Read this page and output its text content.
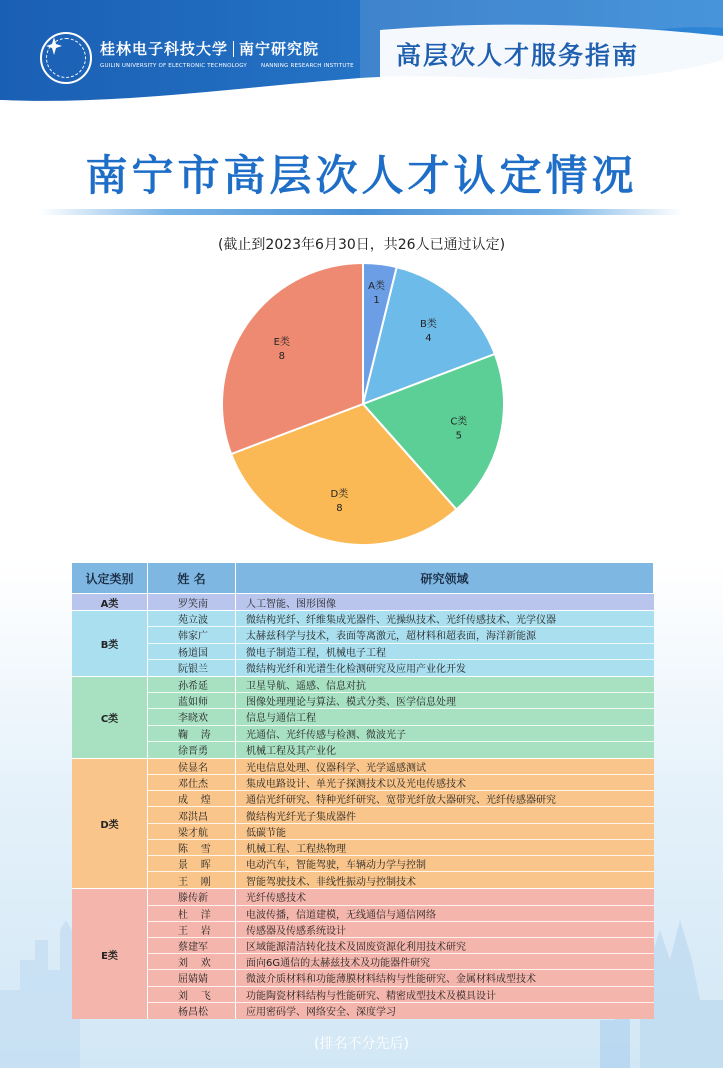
桂林电子科技大学 南宁研究院
GUILIN UNIVERSITY OF ELECTRONIC TECHNOLOGY	NANNING RESEARCH INSTITUTE 高层次人才服务指南
南宁市高层次人才认定情况
(截止到2023年6月30日，共26人已通过认定)
A类
1
B类
4
C类
5
D类
8
E类
8
认定类别	姓 名	研究领域
A类	罗笑南	人工智能、图形图像
B类
苑立波	微结构光纤、纤维集成光器件、光操纵技术、光纤传感技术、光学仪器
韩家广	太赫兹科学与技术，表面等离激元，超材料和超表面，海洋新能源
杨道国	微电子制造工程，机械电子工程
阮银兰	微结构光纤和光谱生化检测研究及应用产业化开发
C类
孙希延	卫星导航、遥感、信息对抗
蓝如师	图像处理理论与算法、模式分类、医学信息处理
李晓欢	信息与通信工程
鞠    涛	光通信、光纤传感与检测、微波光子
徐晋勇	机械工程及其产业化
D类
侯显名	光电信息处理、仪器科学、光学遥感测试
邓仕杰	集成电路设计、单光子探测技术以及光电传感技术
成    煌	通信光纤研究、特种光纤研究、宽带光纤放大器研究、光纤传感器研究
邓洪昌	微结构光纤光子集成器件
梁才航	低碳节能
陈    雪	机械工程、工程热物理
景    晖	电动汽车，智能驾驶，车辆动力学与控制
王    刚	智能驾驶技术、非线性振动与控制技术
E类
滕传新	光纤传感技术
杜    洋	电波传播，信道建模，无线通信与通信网络
王    岩	传感器及传感系统设计
蔡建军	区域能源清洁转化技术及固废资源化利用技术研究
刘    欢	面向6G通信的太赫兹技术及功能器件研究
屈婧婧	微波介质材料和功能薄膜材料结构与性能研究、金属材料成型技术
刘    飞	功能陶瓷材料结构与性能研究、精密成型技术及模具设计
杨昌松	应用密码学、网络安全、深度学习
(排名不分先后)
